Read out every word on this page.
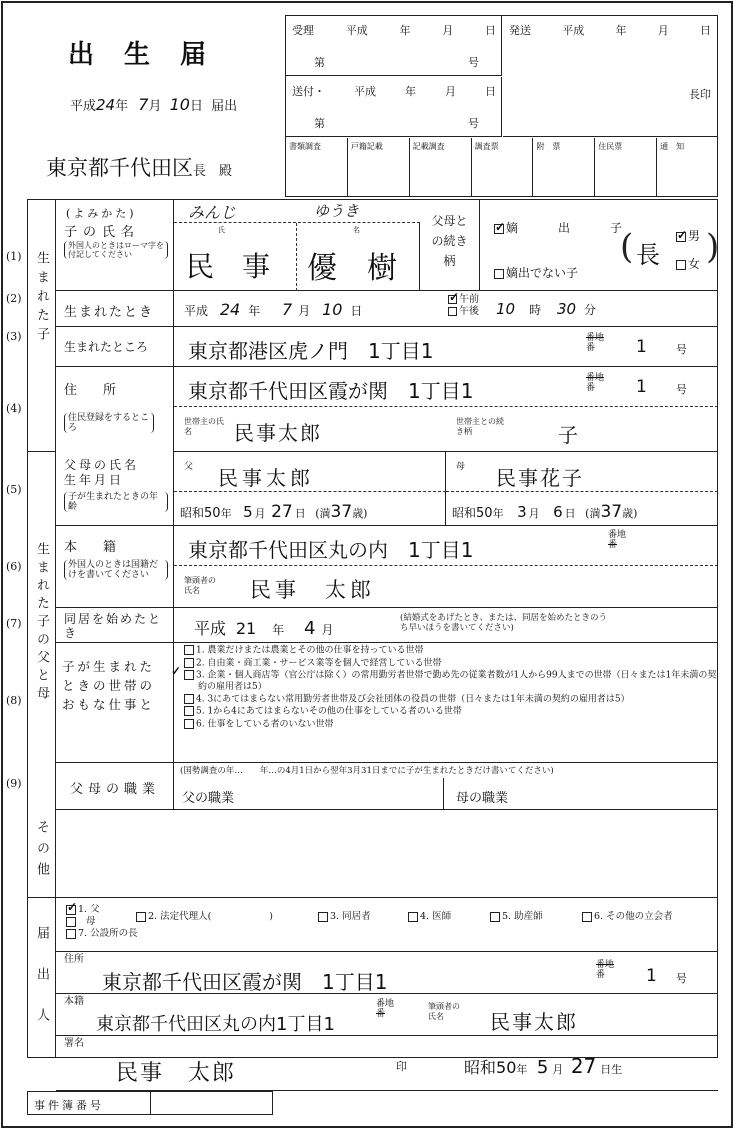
出　生　届
平成24年 7月 10日 届出
東京都千代田区長　殿
受理	平成	年	月	日
第	号
送付・	平成	年	月	日
第	号
発送	平成	年	月	日
長印
書類調査	戸籍記載	記載調査	調査票	附　票	住民票	通　知
(1)
(2)
(3)
(4)
(5)
(6)
(7)
(8)
(9)
生まれた子
生まれた子の父と母
(よみかた)
子の氏名
外国人のときはローマ字を付記してください
みんじ	ゆうき
氏
民　事
名
優　樹
父母との続き柄
✓嫡　出　子
嫡出でない子
( 長
✓男
女 )
生まれたとき 平成 24 年 7 月 10 日
✓午前
午後 10 時 30 分
生まれたところ 東京都港区虎ノ門　1丁目1
番地
番	1	号
住　　所
住民登録をするところ
東京都千代田区霞が関　1丁目1
番地
番	1	号
世帯主の氏名	民事太郎	世帯主との続き柄	子
父母の氏名　生年月日
子が生まれたときの年齢
父 民事太郎	母 民事花子
昭和50年 5 月 27 日 (満37歳)	昭和50年 3 月 6 日 (満37歳)
本　　籍
外国人のときは国籍だけを書いてください
東京都千代田区丸の内　1丁目1
番地
番
筆頭者の氏名	民事　太郎
同居を始めたとき	平成 21 年 4 月
(結婚式をあげたとき、または、同居を始めたときのうち早いほうを書いてください)
子が生まれたときの世帯のおもな仕事と
1. 農業だけまたは農業とその他の仕事を持っている世帯
2. 自由業・商工業・サービス業等を個人で経営している世帯
✓3. 企業・個人商店等（官公庁は除く）の常用勤労者世帯で勤め先の従業者数が1人から99人までの世帯（日々または1年未満の契約の雇用者は5）
4. 3にあてはまらない常用勤労者世帯及び会社団体の役員の世帯（日々または1年未満の契約の雇用者は5）
5. 1から4にあてはまらないその他の仕事をしている者のいる世帯
6. 仕事をしている者のいない世帯
父母の職業
(国勢調査の年…　　年…の4月1日から翌年3月31日までに子が生まれたときだけ書いてください)
父の職業	母の職業
その他
届出人
✓1. 父
母
7. 公設所の長
2. 法定代理人(	)	3. 同居者	4. 医師	5. 助産師	6. その他の立会者
住所
東京都千代田区霞が関　1丁目1
番地
番	1 号
本籍
東京都千代田区丸の内1丁目1
番地
番
筆頭者の氏名	民事太郎
署名
民事　太郎	印	昭和50年 5 月 27 日生
事件簿番号
